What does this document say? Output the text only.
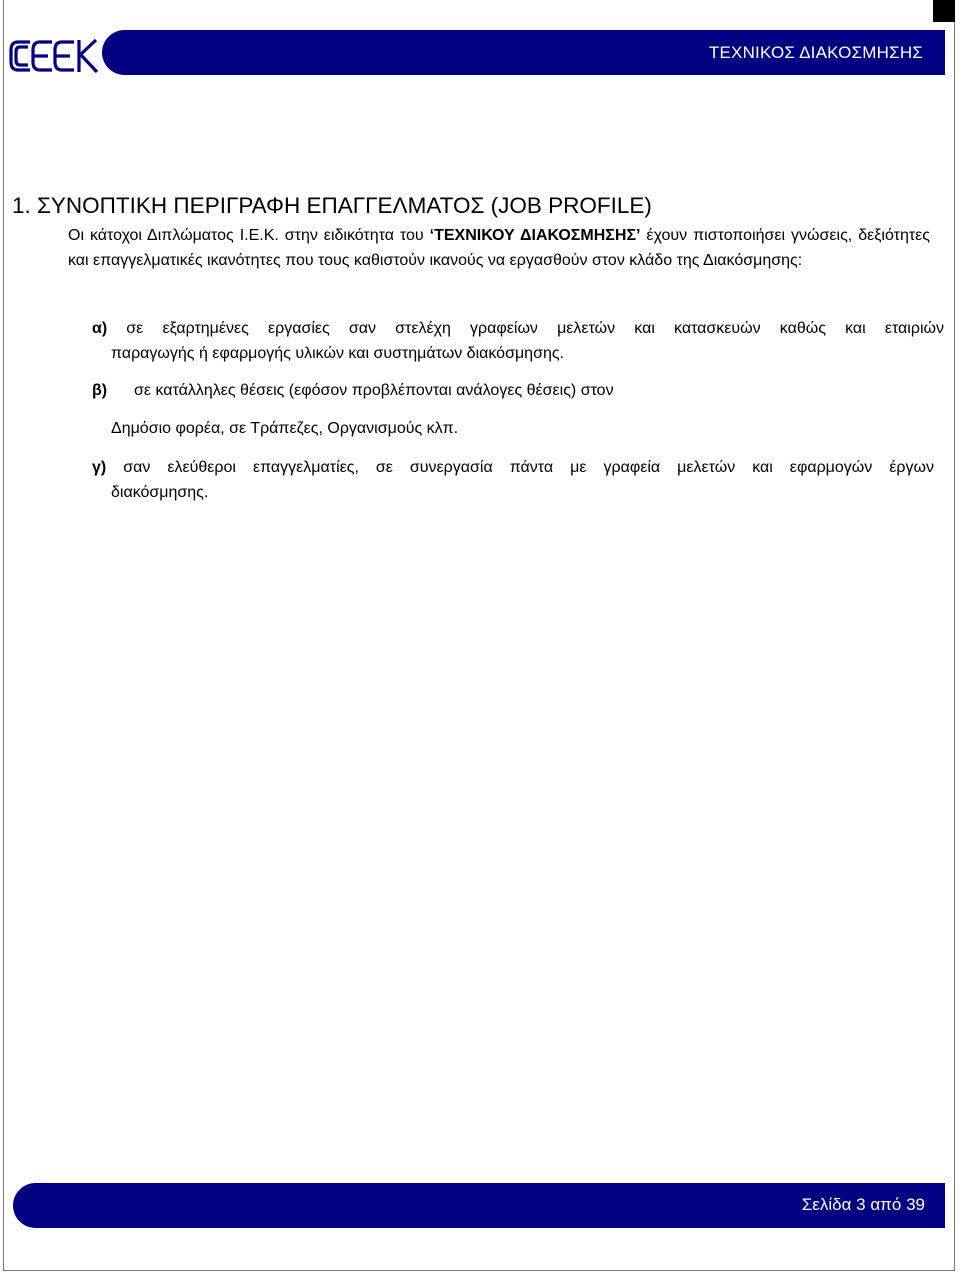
ΤΕΧΝΙΚΟΣ ΔΙΑΚΟΣΜΗΣΗΣ
1. ΣΥΝΟΠΤΙΚΗ ΠΕΡΙΓΡΑΦΗ ΕΠΑΓΓΕΛΜΑΤΟΣ (JOB PROFILE)

Οι κάτοχοι Διπλώματος Ι.Ε.Κ. στην ειδικότητα του ‘ΤΕΧΝΙΚΟΥ ΔΙΑΚΟΣΜΗΣΗΣ’ έχουν πιστοποιήσει γνώσεις, δεξιότητες και επαγγελματικές ικανότητες που τους καθιστούν ικανούς να εργασθούν στον κλάδο της Διακόσμησης:

α) σε εξαρτημένες εργασίες σαν στελέχη γραφείων μελετών και κατασκευών καθώς και εταιριών
παραγωγής ή εφαρμογής υλικών και συστημάτων διακόσμησης.

β) σε κατάλληλες θέσεις (εφόσον προβλέπονται ανάλογες θέσεις) στον

Δημόσιο φορέα, σε Τράπεζες, Οργανισμούς κλπ.

γ) σαν ελεύθεροι επαγγελματίες, σε συνεργασία πάντα με γραφεία μελετών και εφαρμογών έργων
διακόσμησης.

Σελίδα 3 από 39
